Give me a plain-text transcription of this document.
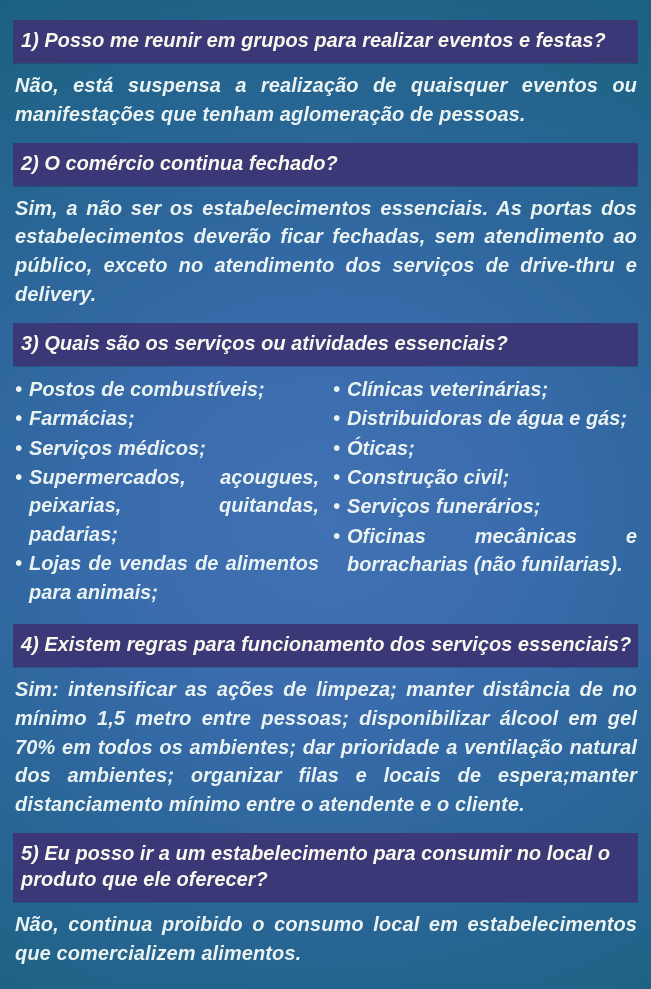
1) Posso me reunir em grupos para realizar eventos e festas?

Não, está suspensa a realização de quaisquer eventos ou manifestações que tenham aglomeração de pessoas.

2) O comércio continua fechado?

Sim, a não ser os estabelecimentos essenciais. As portas dos estabelecimentos deverão ficar fechadas, sem atendimento ao público, exceto no atendimento dos serviços de drive-thru e delivery.

3) Quais são os serviços ou atividades essenciais?
• Postos de combustíveis;
• Farmácias;
• Serviços médicos;
• Supermercados, açougues, peixarias, quitandas, padarias;
• Lojas de vendas de alimentos para animais;
• Clínicas veterinárias;
• Distribuidoras de água e gás;
• Óticas;
• Construção civil;
• Serviços funerários;
• Oficinas mecânicas e borracharias (não funilarias).
4) Existem regras para funcionamento dos serviços essenciais?

Sim: intensificar as ações de limpeza; manter distância de no mínimo 1,5 metro entre pessoas; disponibilizar álcool em gel 70% em todos os ambientes; dar prioridade a ventilação natural dos ambientes; organizar filas e locais de espera;manter distanciamento mínimo entre o atendente e o cliente.

5) Eu posso ir a um estabelecimento para consumir no local o produto que ele oferecer?

Não, continua proibido o consumo local em estabelecimentos que comercializem alimentos.
